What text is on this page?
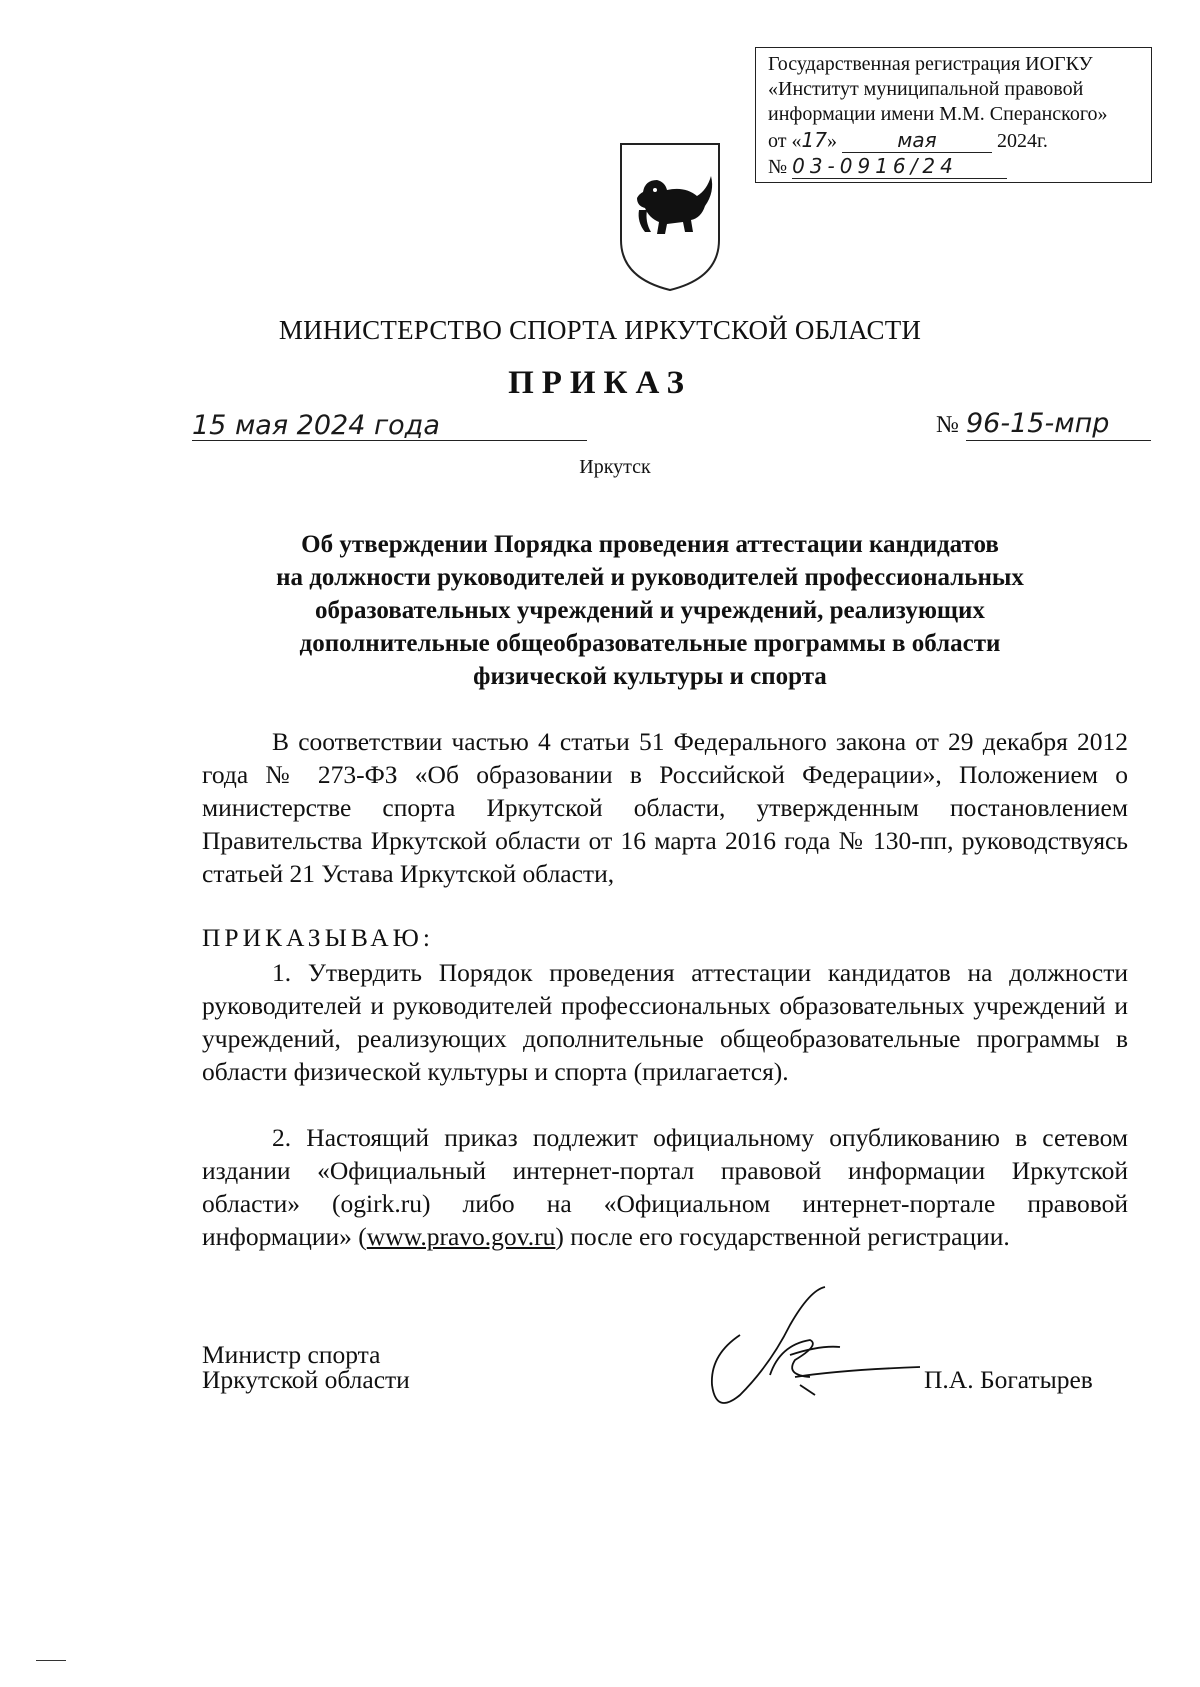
Государственная регистрация ИОГКУ
«Институт муниципальной правовой
информации имени М.М. Сперанского»
от «17»	мая	2024г.
№ 03-0916/24
МИНИСТЕРСТВО СПОРТА ИРКУТСКОЙ ОБЛАСТИ
ПРИКАЗ
15 мая 2024 года	№ 96-15-мпр
Иркутск
Об утверждении Порядка проведения аттестации кандидатов
на должности руководителей и руководителей профессиональных
образовательных учреждений и учреждений, реализующих
дополнительные общеобразовательные программы в области
физической культуры и спорта
В соответствии частью 4 статьи 51 Федерального закона от 29 декабря 2012 года № 273-ФЗ «Об образовании в Российской Федерации», Положением о министерстве спорта Иркутской области, утвержденным постановлением Правительства Иркутской области от 16 марта 2016 года № 130-пп, руководствуясь статьей 21 Устава Иркутской области,
ПРИКАЗЫВАЮ:
1. Утвердить Порядок проведения аттестации кандидатов на должности руководителей и руководителей профессиональных образовательных учреждений и учреждений, реализующих дополнительные общеобразовательные программы в области физической культуры и спорта (прилагается).
2. Настоящий приказ подлежит официальному опубликованию в сетевом издании «Официальный интернет-портал правовой информации Иркутской области» (ogirk.ru) либо на «Официальном интернет-портале правовой информации» (www.pravo.gov.ru) после его государственной регистрации.
Министр спорта
Иркутской области	П.А. Богатырев
